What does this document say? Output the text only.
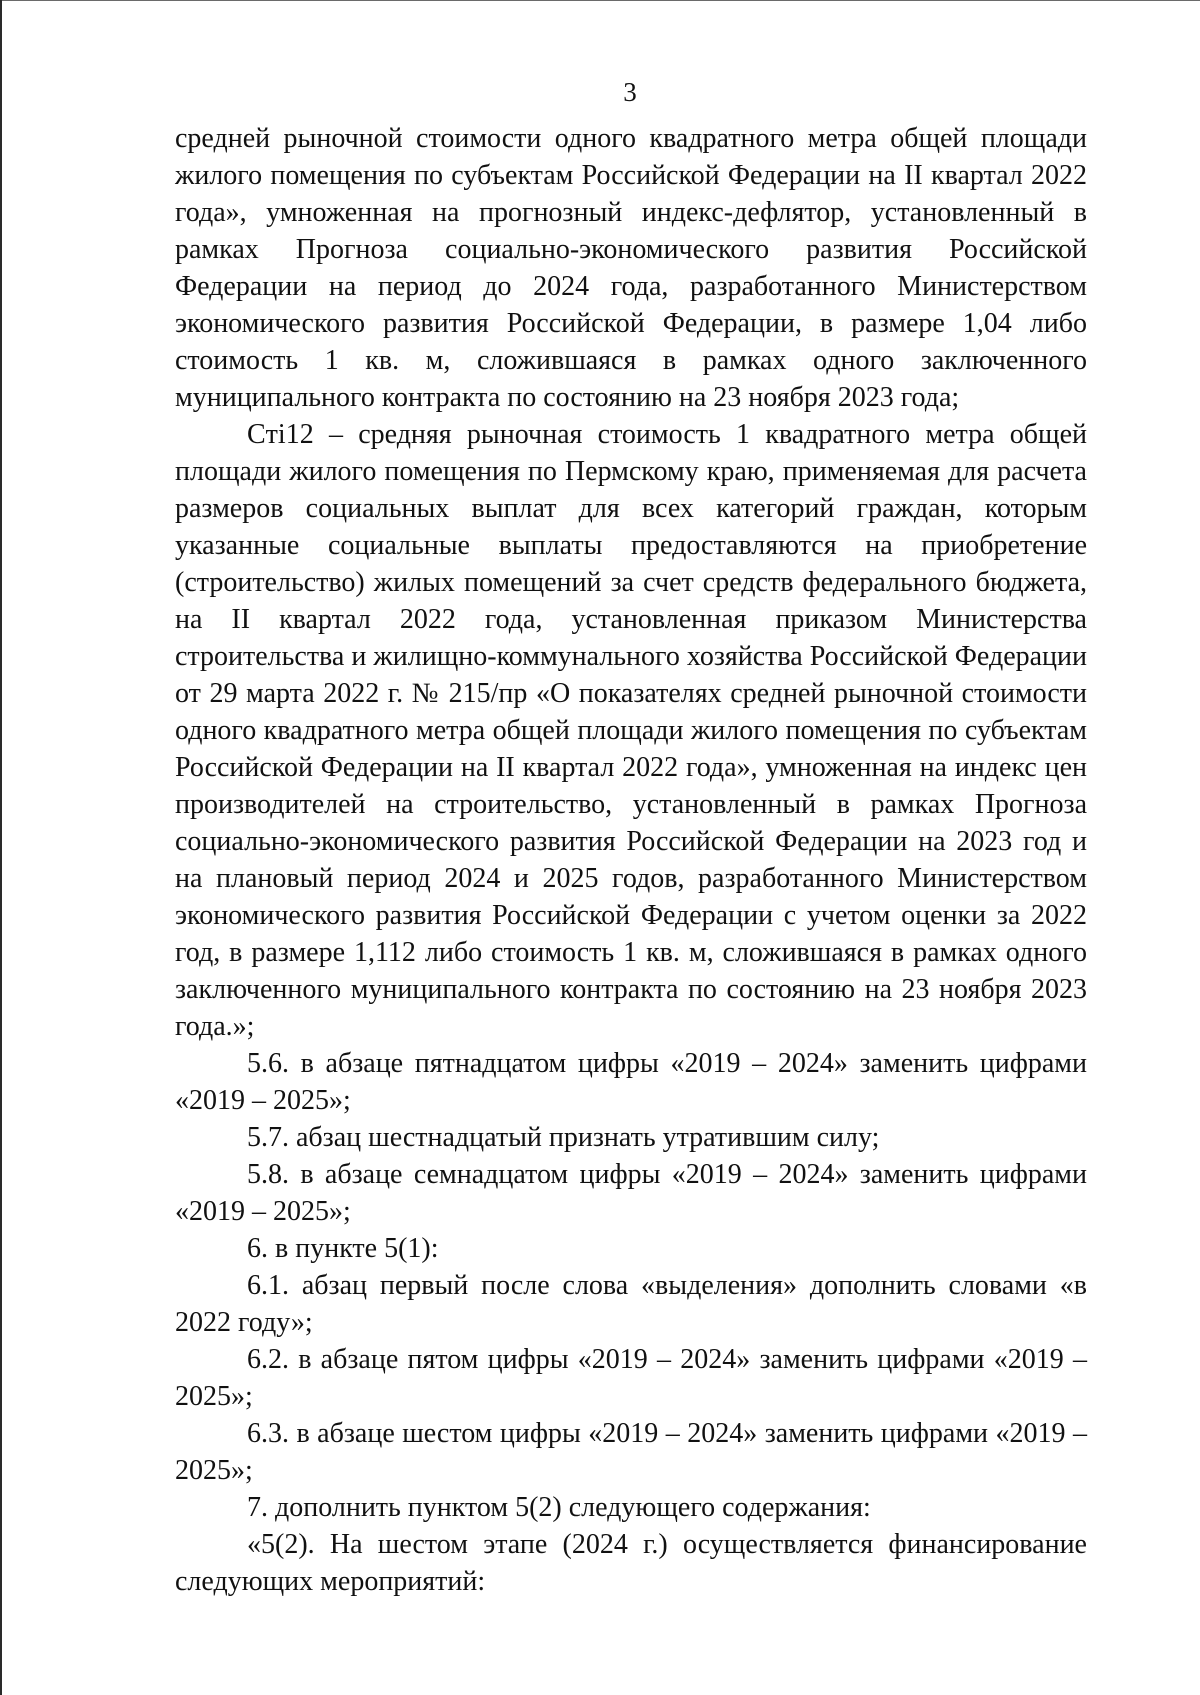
3

средней рыночной стоимости одного квадратного метра общей площади жилого помещения по субъектам Российской Федерации на II квартал 2022 года», умноженная на прогнозный индекс-дефлятор, установленный в рамках Прогноза социально-экономического развития Российской Федерации на период до 2024 года, разработанного Министерством экономического развития Российской Федерации, в размере 1,04 либо стоимость 1 кв. м, сложившаяся в рамках одного заключенного муниципального контракта по состоянию на 23 ноября 2023 года;

Cтi12 – средняя рыночная стоимость 1 квадратного метра общей площади жилого помещения по Пермскому краю, применяемая для расчета размеров социальных выплат для всех категорий граждан, которым указанные социальные выплаты предоставляются на приобретение (строительство) жилых помещений за счет средств федерального бюджета, на II квартал 2022 года, установленная приказом Министерства строительства и жилищно-коммунального хозяйства Российской Федерации от 29 марта 2022 г. № 215/пр «О показателях средней рыночной стоимости одного квадратного метра общей площади жилого помещения по субъектам Российской Федерации на II квартал 2022 года», умноженная на индекс цен производителей на строительство, установленный в рамках Прогноза социально-экономического развития Российской Федерации на 2023 год и на плановый период 2024 и 2025 годов, разработанного Министерством экономического развития Российской Федерации с учетом оценки за 2022 год, в размере 1,112 либо стоимость 1 кв. м, сложившаяся в рамках одного заключенного муниципального контракта по состоянию на 23 ноября 2023 года.»;

5.6. в абзаце пятнадцатом цифры «2019 – 2024» заменить цифрами «2019 – 2025»;

5.7. абзац шестнадцатый признать утратившим силу;

5.8. в абзаце семнадцатом цифры «2019 – 2024» заменить цифрами «2019 – 2025»;

6. в пункте 5(1):

6.1. абзац первый после слова «выделения» дополнить словами «в 2022 году»;

6.2. в абзаце пятом цифры «2019 – 2024» заменить цифрами «2019 – 2025»;

6.3. в абзаце шестом цифры «2019 – 2024» заменить цифрами «2019 – 2025»;

7. дополнить пунктом 5(2) следующего содержания:

«5(2). На шестом этапе (2024 г.) осуществляется финансирование следующих мероприятий:
